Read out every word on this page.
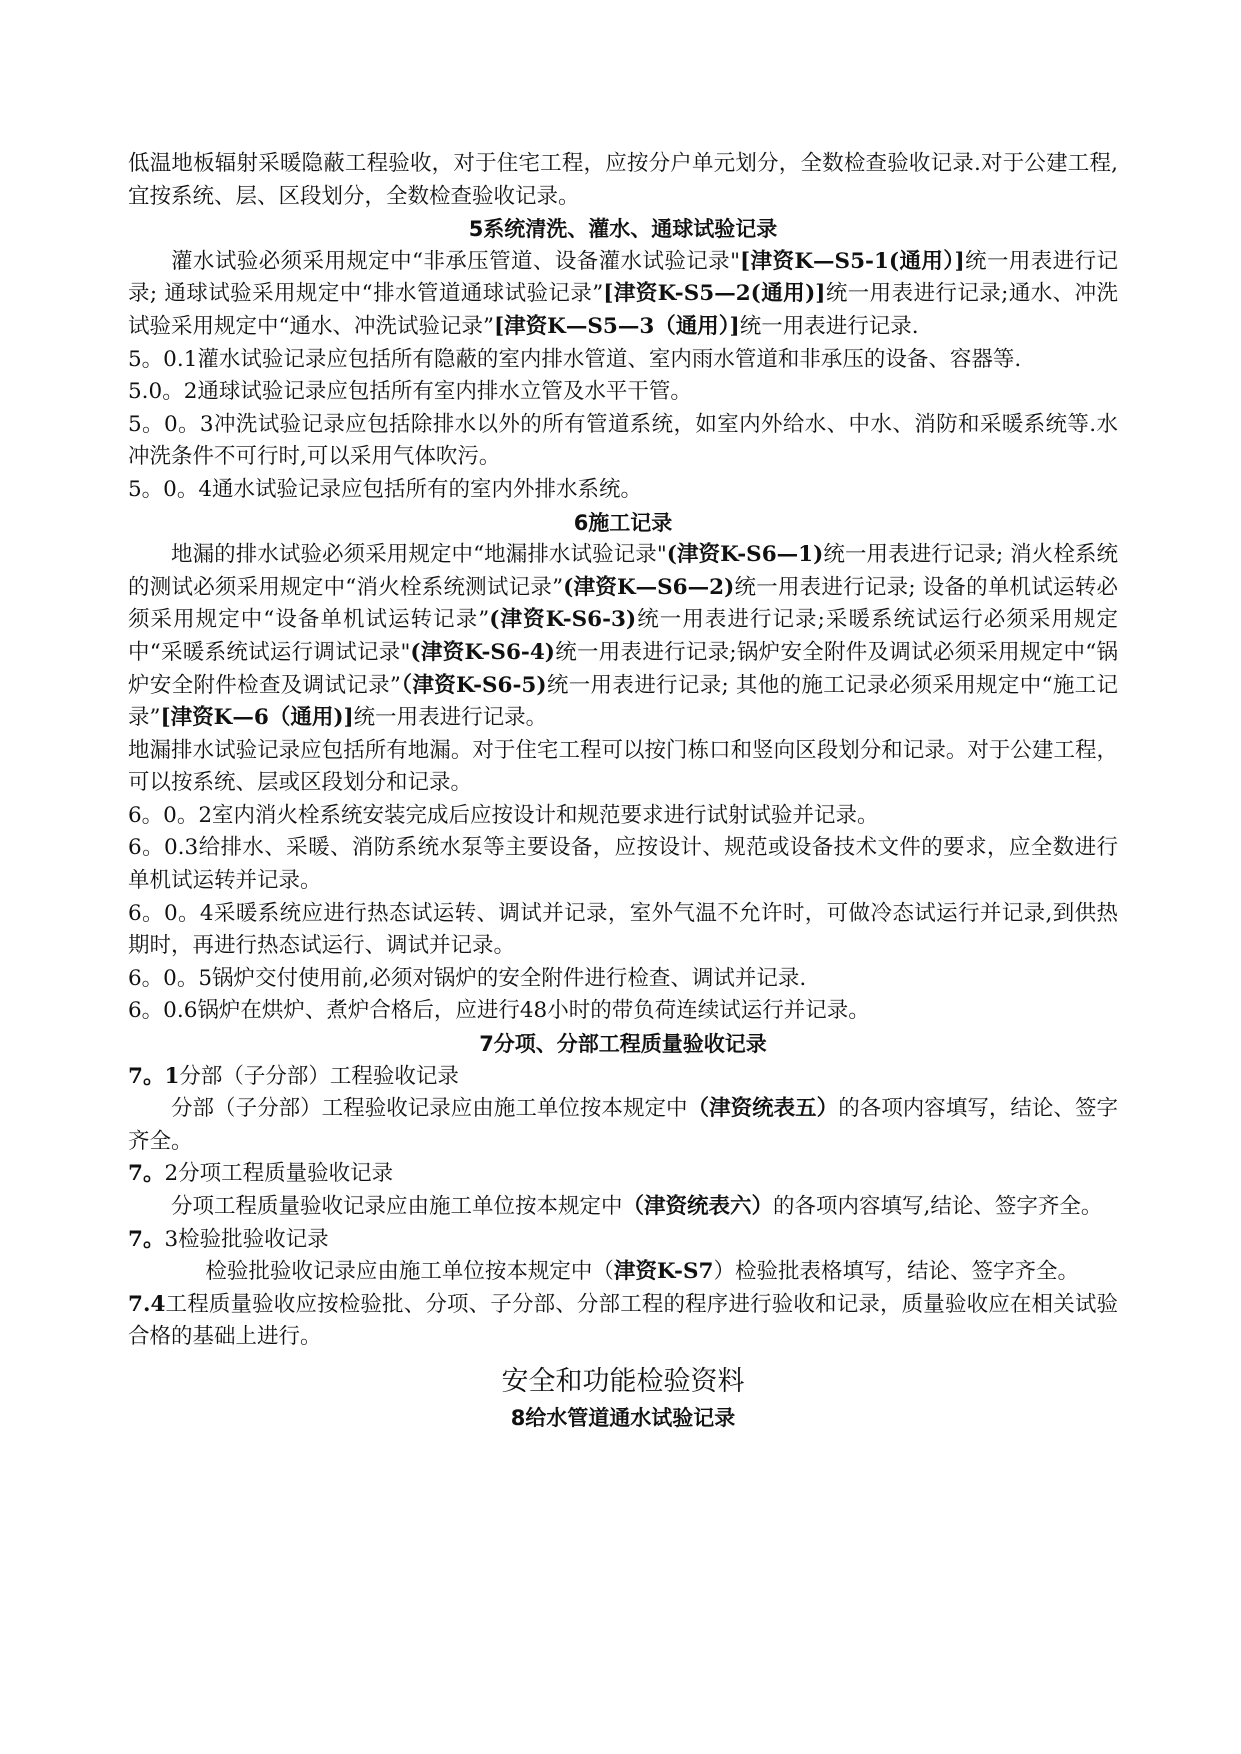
低温地板辐射采暖隐蔽工程验收，对于住宅工程，应按分户单元划分，全数检查验收记录.对于公建工程,宜按系统、层、区段划分，全数检查验收记录。

5系统清洗、灌水、通球试验记录

灌水试验必须采用规定中“非承压管道、设备灌水试验记录"[津资K—S5-1(通用）]统一用表进行记录; 通球试验采用规定中“排水管道通球试验记录”[津资K-S5—2(通用)]统一用表进行记录;通水、冲洗试验采用规定中“通水、冲洗试验记录”[津资K—S5—3（通用）]统一用表进行记录.

5。0.1灌水试验记录应包括所有隐蔽的室内排水管道、室内雨水管道和非承压的设备、容器等.

5.0。2通球试验记录应包括所有室内排水立管及水平干管。

5。0。3冲洗试验记录应包括除排水以外的所有管道系统，如室内外给水、中水、消防和采暖系统等.水冲洗条件不可行时,可以采用气体吹污。

5。0。4通水试验记录应包括所有的室内外排水系统。

6施工记录

地漏的排水试验必须采用规定中“地漏排水试验记录"(津资K-S6—1)统一用表进行记录; 消火栓系统的测试必须采用规定中“消火栓系统测试记录”(津资K—S6—2)统一用表进行记录; 设备的单机试运转必须采用规定中“设备单机试运转记录”(津资K-S6-3)统一用表进行记录;采暖系统试运行必须采用规定中“采暖系统试运行调试记录"(津资K-S6-4)统一用表进行记录;锅炉安全附件及调试必须采用规定中“锅炉安全附件检查及调试记录”（津资K-S6-5)统一用表进行记录; 其他的施工记录必须采用规定中“施工记录”[津资K—6（通用)]统一用表进行记录。

地漏排水试验记录应包括所有地漏。对于住宅工程可以按门栋口和竖向区段划分和记录。对于公建工程，可以按系统、层或区段划分和记录。

6。0。2室内消火栓系统安装完成后应按设计和规范要求进行试射试验并记录。

6。0.3给排水、采暖、消防系统水泵等主要设备，应按设计、规范或设备技术文件的要求，应全数进行单机试运转并记录。

6。0。4采暖系统应进行热态试运转、调试并记录，室外气温不允许时，可做冷态试运行并记录,到供热期时，再进行热态试运行、调试并记录。

6。0。5锅炉交付使用前,必须对锅炉的安全附件进行检查、调试并记录.

6。0.6锅炉在烘炉、煮炉合格后，应进行48小时的带负荷连续试运行并记录。

7分项、分部工程质量验收记录

7。1分部（子分部）工程验收记录

分部（子分部）工程验收记录应由施工单位按本规定中（津资统表五）的各项内容填写，结论、签字齐全。

7。2分项工程质量验收记录

分项工程质量验收记录应由施工单位按本规定中（津资统表六）的各项内容填写,结论、签字齐全。

7。3检验批验收记录

检验批验收记录应由施工单位按本规定中（津资K-S7）检验批表格填写，结论、签字齐全。

7.4工程质量验收应按检验批、分项、子分部、分部工程的程序进行验收和记录，质量验收应在相关试验合格的基础上进行。

安全和功能检验资料

8给水管道通水试验记录
